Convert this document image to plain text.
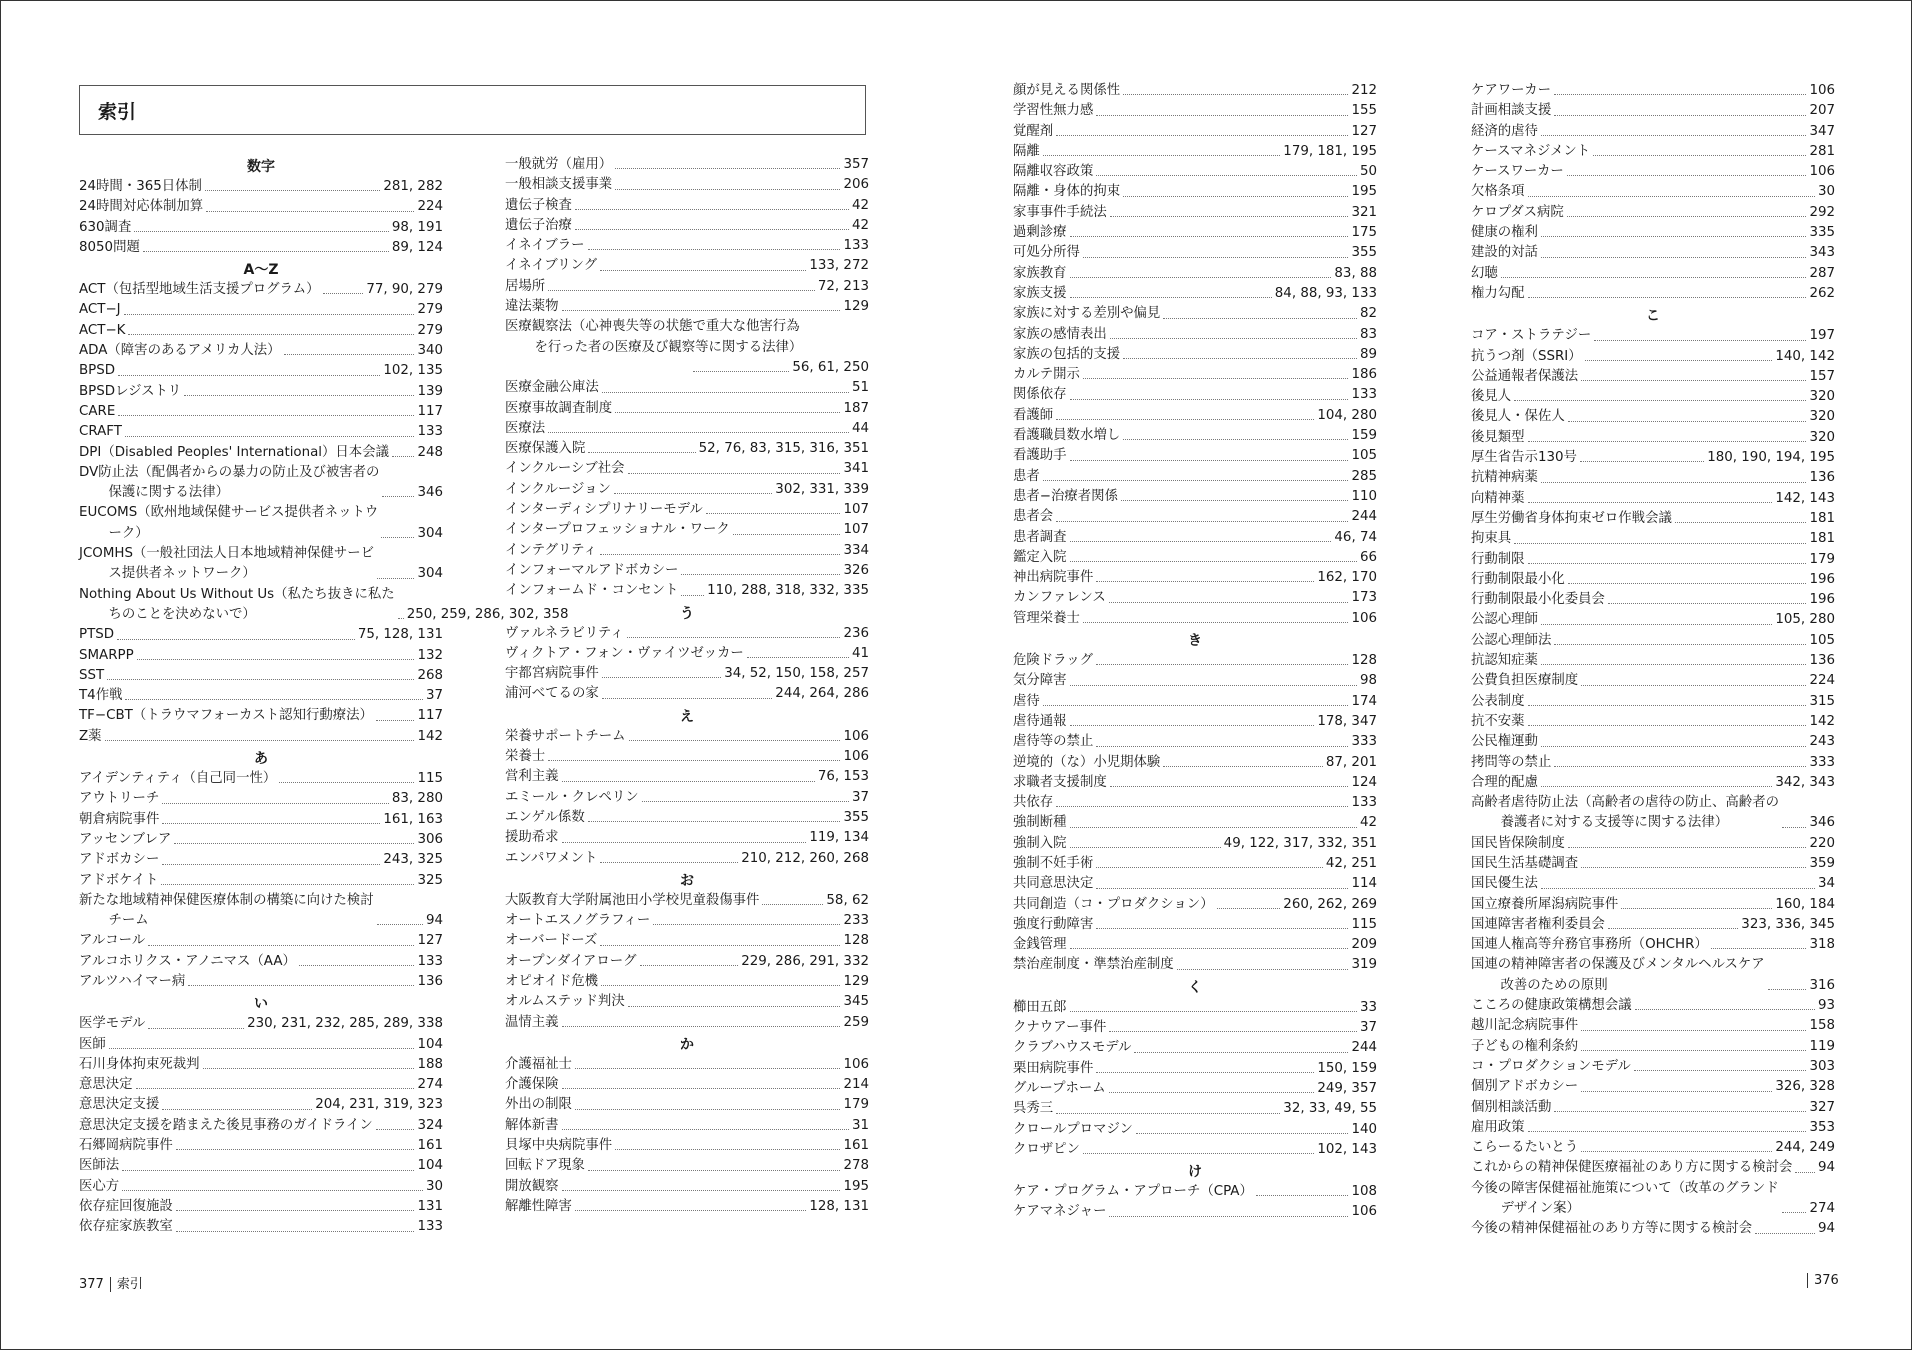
索引
数字
24時間・365日体制	281, 282
24時間対応体制加算	224
630調査	98, 191
8050問題	89, 124
A～Z
ACT（包括型地域生活支援プログラム）	77, 90, 279
ACT−J	279
ACT−K	279
ADA（障害のあるアメリカ人法）	340
BPSD	102, 135
BPSDレジストリ	139
CARE	117
CRAFT	133
DPI（Disabled Peoples' International）日本会議 248
DV防止法（配偶者からの暴力の防止及び被害者の
保護に関する法律）	346
EUCOMS（欧州地域保健サービス提供者ネットウ
ーク）	304
JCOMHS（一般社団法人日本地域精神保健サービ
ス提供者ネットワーク）	304
Nothing About Us Without Us（私たち抜きに私た
ちのことを決めないで）	250, 259, 286, 302, 358
PTSD	75, 128, 131
SMARPP	132
SST	268
T4作戦	37
TF−CBT（トラウマフォーカスト認知行動療法）	117
Z薬	142
あ
アイデンティティ（自己同一性）	115
アウトリーチ	83, 280
朝倉病院事件	161, 163
アッセンブレア	306
アドボカシー	243, 325
アドボケイト	325
新たな地域精神保健医療体制の構築に向けた検討
チーム	94
アルコール	127
アルコホリクス・アノニマス（AA）	133
アルツハイマー病	136
い
医学モデル	230, 231, 232, 285, 289, 338
医師	104
石川身体拘束死裁判	188
意思決定	274
意思決定支援	204, 231, 319, 323
意思決定支援を踏まえた後見事務のガイドライン	324
石郷岡病院事件	161
医師法	104
医心方	30
依存症回復施設	131
依存症家族教室	133
一般就労（雇用）	357
一般相談支援事業	206
遺伝子検査	42
遺伝子治療	42
イネイブラー	133
イネイブリング	133, 272
居場所	72, 213
違法薬物	129
医療観察法（心神喪失等の状態で重大な他害行為
を行った者の医療及び観察等に関する法律）
56, 61, 250
医療金融公庫法	51
医療事故調査制度	187
医療法	44
医療保護入院	52, 76, 83, 315, 316, 351
インクルーシブ社会	341
インクルージョン	302, 331, 339
インターディシプリナリーモデル	107
インタープロフェッショナル・ワーク	107
インテグリティ	334
インフォーマルアドボカシー	326
インフォームド・コンセント 110, 288, 318, 332, 335
う
ヴァルネラビリティ	236
ヴィクトア・フォン・ヴァイツゼッカー	41
宇都宮病院事件	34, 52, 150, 158, 257
浦河べてるの家	244, 264, 286
え
栄養サポートチーム	106
栄養士	106
営利主義	76, 153
エミール・クレペリン	37
エンゲル係数	355
援助希求	119, 134
エンパワメント	210, 212, 260, 268
お
大阪教育大学附属池田小学校児童殺傷事件	58, 62
オートエスノグラフィー	233
オーバードーズ	128
オープンダイアローグ	229, 286, 291, 332
オピオイド危機	129
オルムステッド判決	345
温情主義	259
か
介護福祉士	106
介護保険	214
外出の制限	179
解体新書	31
貝塚中央病院事件	161
回転ドア現象	278
開放観察	195
解離性障害	128, 131
顔が見える関係性	212
学習性無力感	155
覚醒剤	127
隔離	179, 181, 195
隔離収容政策	50
隔離・身体的拘束	195
家事事件手続法	321
過剰診療	175
可処分所得	355
家族教育	83, 88
家族支援	84, 88, 93, 133
家族に対する差別や偏見	82
家族の感情表出	83
家族の包括的支援	89
カルテ開示	186
関係依存	133
看護師	104, 280
看護職員数水増し	159
看護助手	105
患者	285
患者−治療者関係	110
患者会	244
患者調査	46, 74
鑑定入院	66
神出病院事件	162, 170
カンファレンス	173
管理栄養士	106
き
危険ドラッグ	128
気分障害	98
虐待	174
虐待通報	178, 347
虐待等の禁止	333
逆境的（な）小児期体験	87, 201
求職者支援制度	124
共依存	133
強制断種	42
強制入院	49, 122, 317, 332, 351
強制不妊手術	42, 251
共同意思決定	114
共同創造（コ・プロダクション）	260, 262, 269
強度行動障害	115
金銭管理	209
禁治産制度・準禁治産制度	319
く
櫛田五郎	33
クナウアー事件	37
クラブハウスモデル	244
栗田病院事件	150, 159
グループホーム	249, 357
呉秀三	32, 33, 49, 55
クロールプロマジン	140
クロザピン	102, 143
け
ケア・プログラム・アプローチ（CPA）	108
ケアマネジャー	106
ケアワーカー	106
計画相談支援	207
経済的虐待	347
ケースマネジメント	281
ケースワーカー	106
欠格条項	30
ケロプダス病院	292
健康の権利	335
建設的対話	343
幻聴	287
権力勾配	262
こ
コア・ストラテジー	197
抗うつ剤（SSRI）	140, 142
公益通報者保護法	157
後見人	320
後見人・保佐人	320
後見類型	320
厚生省告示130号	180, 190, 194, 195
抗精神病薬	136
向精神薬	142, 143
厚生労働省身体拘束ゼロ作戦会議	181
拘束具	181
行動制限	179
行動制限最小化	196
行動制限最小化委員会	196
公認心理師	105, 280
公認心理師法	105
抗認知症薬	136
公費負担医療制度	224
公表制度	315
抗不安薬	142
公民権運動	243
拷問等の禁止	333
合理的配慮	342, 343
高齢者虐待防止法（高齢者の虐待の防止、高齢者の
養護者に対する支援等に関する法律）	346
国民皆保険制度	220
国民生活基礎調査	359
国民優生法	34
国立療養所犀潟病院事件	160, 184
国連障害者権利委員会	323, 336, 345
国連人権高等弁務官事務所（OHCHR）	318
国連の精神障害者の保護及びメンタルヘルスケア
改善のための原則	316
こころの健康政策構想会議	93
越川記念病院事件	158
子どもの権利条約	119
コ・プロダクションモデル	303
個別アドボカシー	326, 328
個別相談活動	327
雇用政策	353
こらーるたいとう	244, 249
これからの精神保健医療福祉のあり方に関する検討会 94
今後の障害保健福祉施策について（改革のグランド
デザイン案）	274
今後の精神保健福祉のあり方等に関する検討会	94
377 索引	376
